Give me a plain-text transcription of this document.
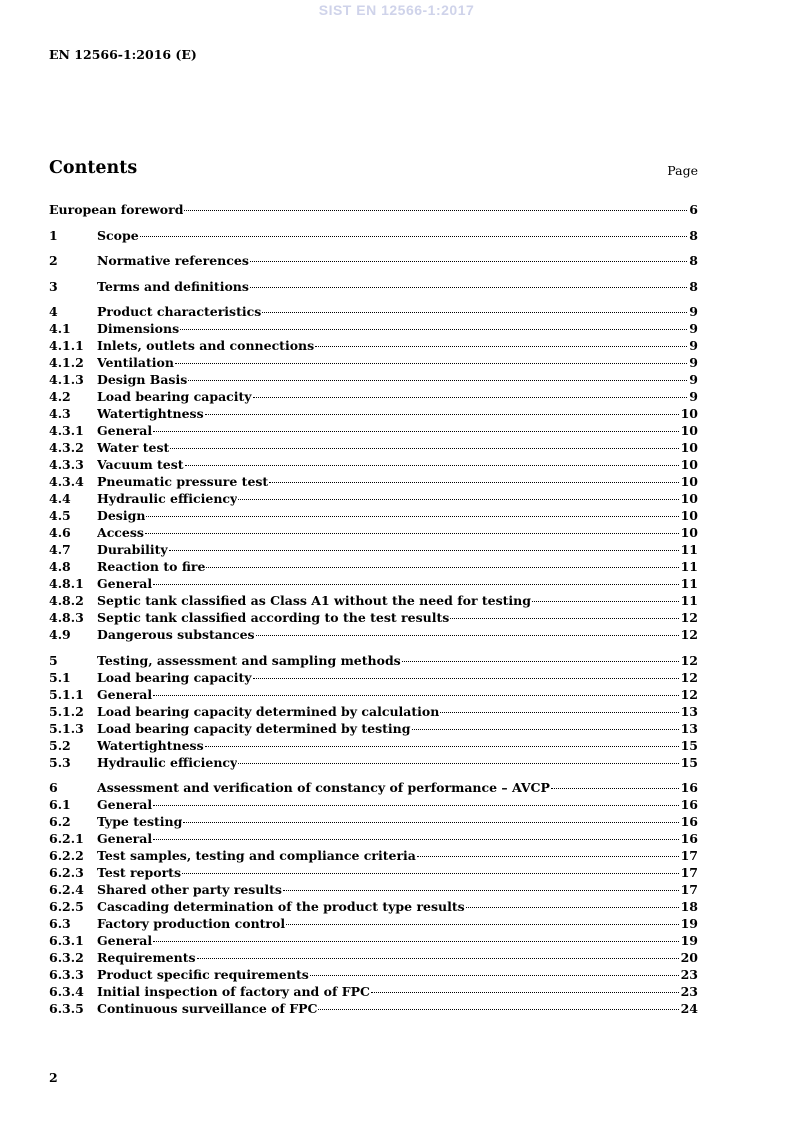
SIST EN 12566-1:2017
EN 12566-1:2016 (E)
Contents	Page
European foreword	6
1	Scope	8
2	Normative references	8
3	Terms and definitions	8
4	Product characteristics	9
4.1	Dimensions	9
4.1.1	Inlets, outlets and connections	9
4.1.2	Ventilation	9
4.1.3	Design Basis	9
4.2	Load bearing capacity	9
4.3	Watertightness	10
4.3.1	General	10
4.3.2	Water test	10
4.3.3	Vacuum test	10
4.3.4	Pneumatic pressure test	10
4.4	Hydraulic efficiency	10
4.5	Design	10
4.6	Access	10
4.7	Durability	11
4.8	Reaction to fire	11
4.8.1	General	11
4.8.2	Septic tank classified as Class A1 without the need for testing	11
4.8.3	Septic tank classified according to the test results	12
4.9	Dangerous substances	12
5	Testing, assessment and sampling methods	12
5.1	Load bearing capacity	12
5.1.1	General	12
5.1.2	Load bearing capacity determined by calculation	13
5.1.3	Load bearing capacity determined by testing	13
5.2	Watertightness	15
5.3	Hydraulic efficiency	15
6	Assessment and verification of constancy of performance – AVCP	16
6.1	General	16
6.2	Type testing	16
6.2.1	General	16
6.2.2	Test samples, testing and compliance criteria	17
6.2.3	Test reports	17
6.2.4	Shared other party results	17
6.2.5	Cascading determination of the product type results	18
6.3	Factory production control	19
6.3.1	General	19
6.3.2	Requirements	20
6.3.3	Product specific requirements	23
6.3.4	Initial inspection of factory and of FPC	23
6.3.5	Continuous surveillance of FPC	24
2
